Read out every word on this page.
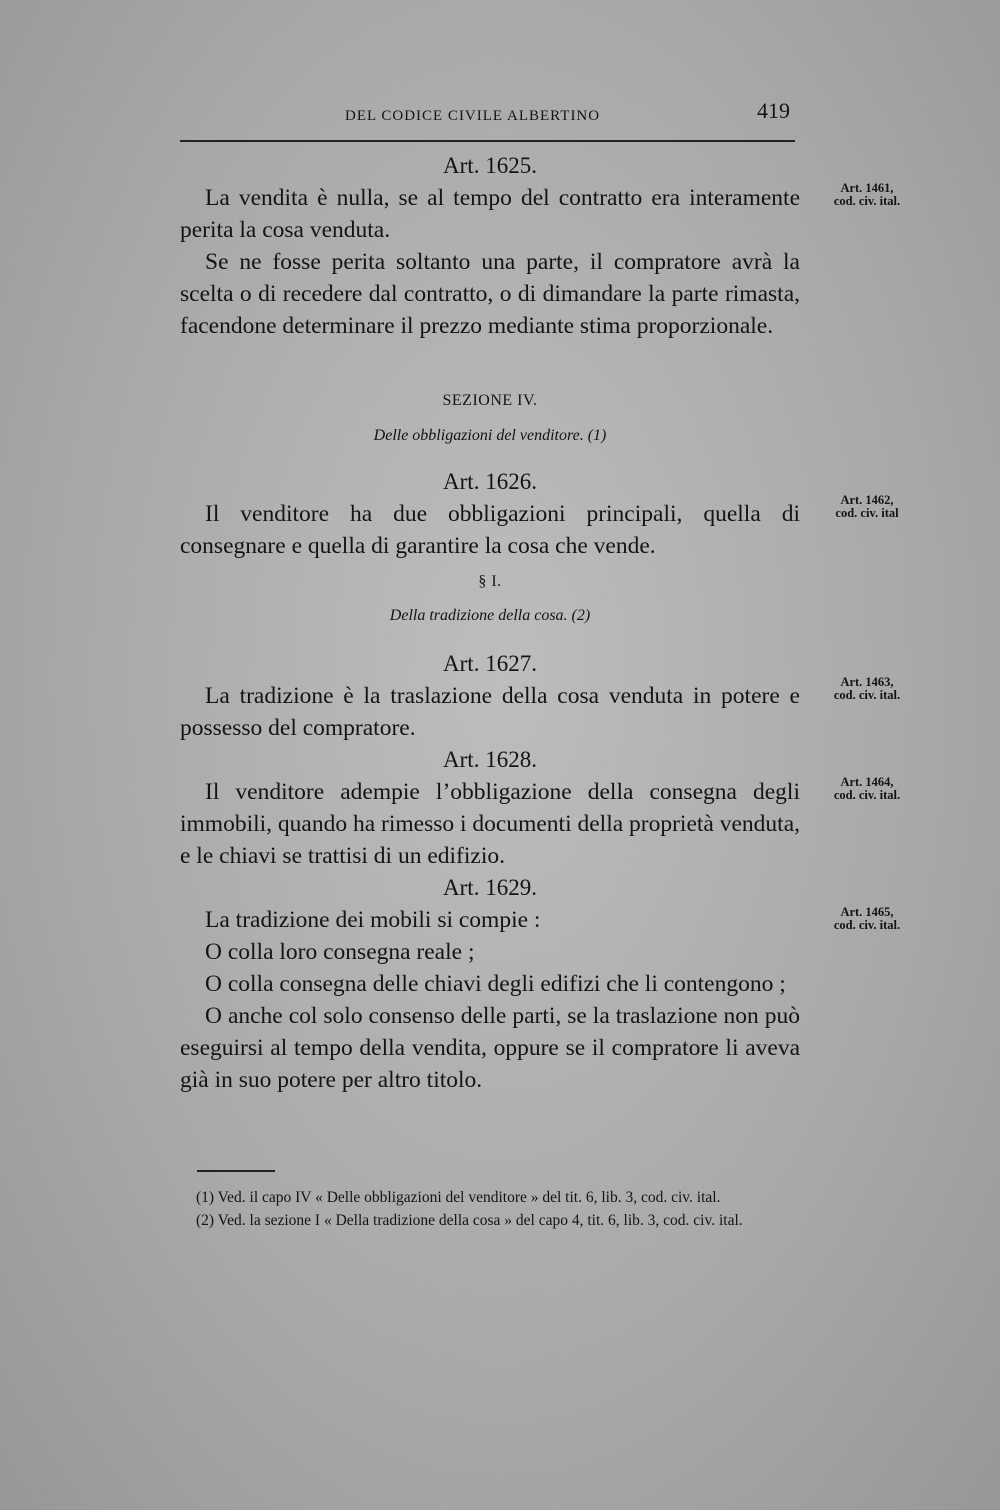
DEL CODICE CIVILE ALBERTINO	419

Art. 1625.

La vendita è nulla, se al tempo del contratto era interamente perita la cosa venduta.

Se ne fosse perita soltanto una parte, il compratore avrà la scelta o di recedere dal contratto, o di dimandare la parte rimasta, facendone determinare il prezzo mediante stima proporzionale.

SEZIONE IV.

Delle obbligazioni del venditore. (1)

Art. 1626.

Il venditore ha due obbligazioni principali, quella di consegnare e quella di garantire la cosa che vende.

§ I.

Della tradizione della cosa. (2)

Art. 1627.

La tradizione è la traslazione della cosa venduta in potere e possesso del compratore.

Art. 1628.

Il venditore adempie l’obbligazione della consegna degli immobili, quando ha rimesso i documenti della proprietà venduta, e le chiavi se trattisi di un edifizio.

Art. 1629.

La tradizione dei mobili si compie :

O colla loro consegna reale ;

O colla consegna delle chiavi degli edifizi che li contengono ;

O anche col solo consenso delle parti, se la traslazione non può eseguirsi al tempo della vendita, oppure se il compratore li aveva già in suo potere per altro titolo.

Art. 1461,
cod. civ. ital.
Art. 1462,
cod. civ. ital
Art. 1463,
cod. civ. ital.
Art. 1464,
cod. civ. ital.
Art. 1465,
cod. civ. ital.

(1) Ved. il capo IV « Delle obbligazioni del venditore » del tit. 6, lib. 3, cod. civ. ital.

(2) Ved. la sezione I « Della tradizione della cosa » del capo 4, tit. 6, lib. 3, cod. civ. ital.
